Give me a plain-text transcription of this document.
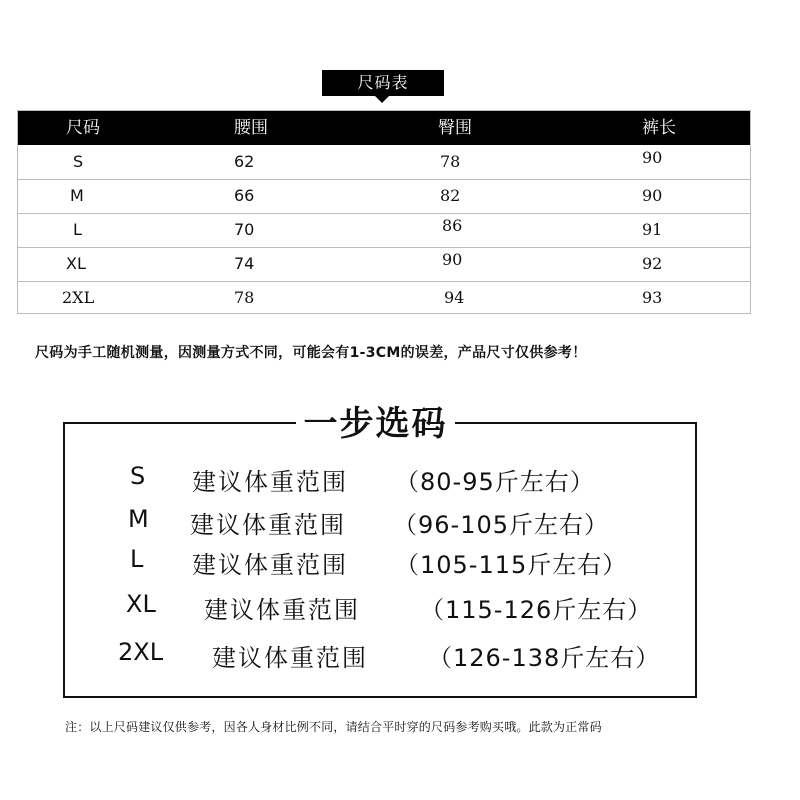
尺码表
尺码	腰围	臀围	裤长
S	62	78	90
M	66	82	90
L	70	86	91
XL	74	90	92
2XL	78	94	93
尺码为手工随机测量，因测量方式不同，可能会有1-3CM的误差，产品尺寸仅供参考！
一步选码
S 建议体重范围 （80-95斤左右）
M 建议体重范围 （96-105斤左右）
L 建议体重范围 （105-115斤左右）
XL 建议体重范围	（115-126斤左右）
2XL 建议体重范围	（126-138斤左右）
注：以上尺码建议仅供参考，因各人身材比例不同，请结合平时穿的尺码参考购买哦。此款为正常码
